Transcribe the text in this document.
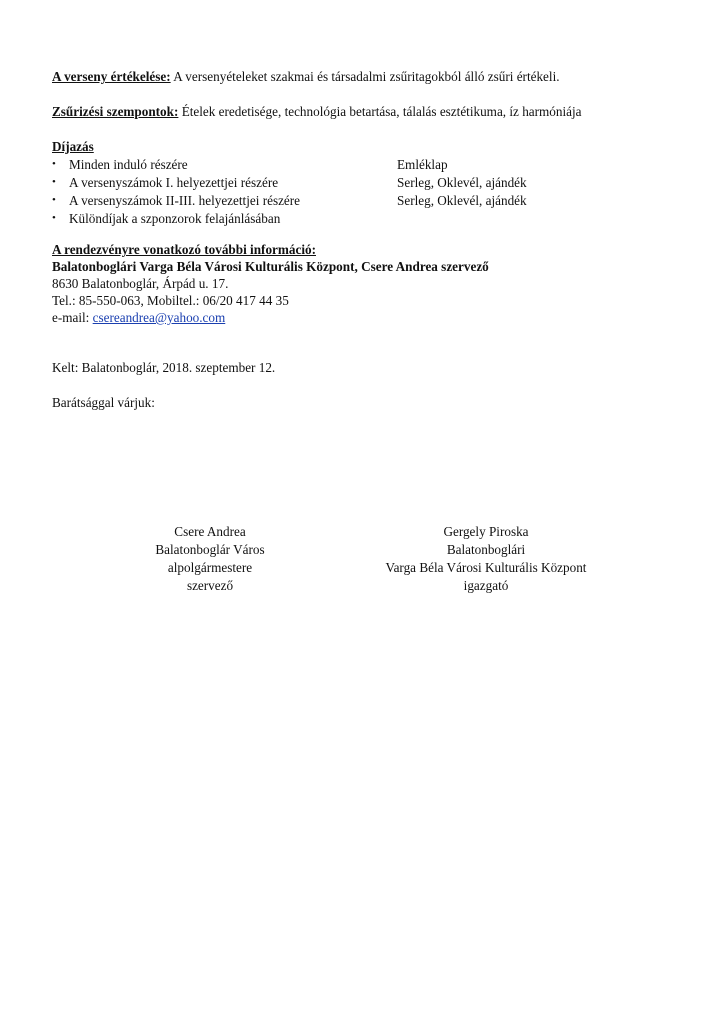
A verseny értékelése: A versenyételeket szakmai és társadalmi zsűritagokból álló zsűri értékeli.
Zsűrizési szempontok: Ételek eredetisége, technológia betartása, tálalás esztétikuma, íz harmóniája
Díjazás
• Minden induló részére	Emléklap
• A versenyszámok I. helyezettjei részére	Serleg, Oklevél, ajándék
• A versenyszámok II-III. helyezettjei részére	Serleg, Oklevél, ajándék
• Különdíjak a szponzorok felajánlásában
A rendezvényre vonatkozó további információ:
Balatonboglári Varga Béla Városi Kulturális Központ, Csere Andrea szervező
8630 Balatonboglár, Árpád u. 17.
Tel.: 85-550-063, Mobiltel.: 06/20 417 44 35
e-mail: csereandrea@yahoo.com
Kelt: Balatonboglár, 2018. szeptember 12.
Barátsággal várjuk:
Csere Andrea
Balatonboglár Város
alpolgármestere
szervező
Gergely Piroska
Balatonboglári
Varga Béla Városi Kulturális Központ
igazgató
